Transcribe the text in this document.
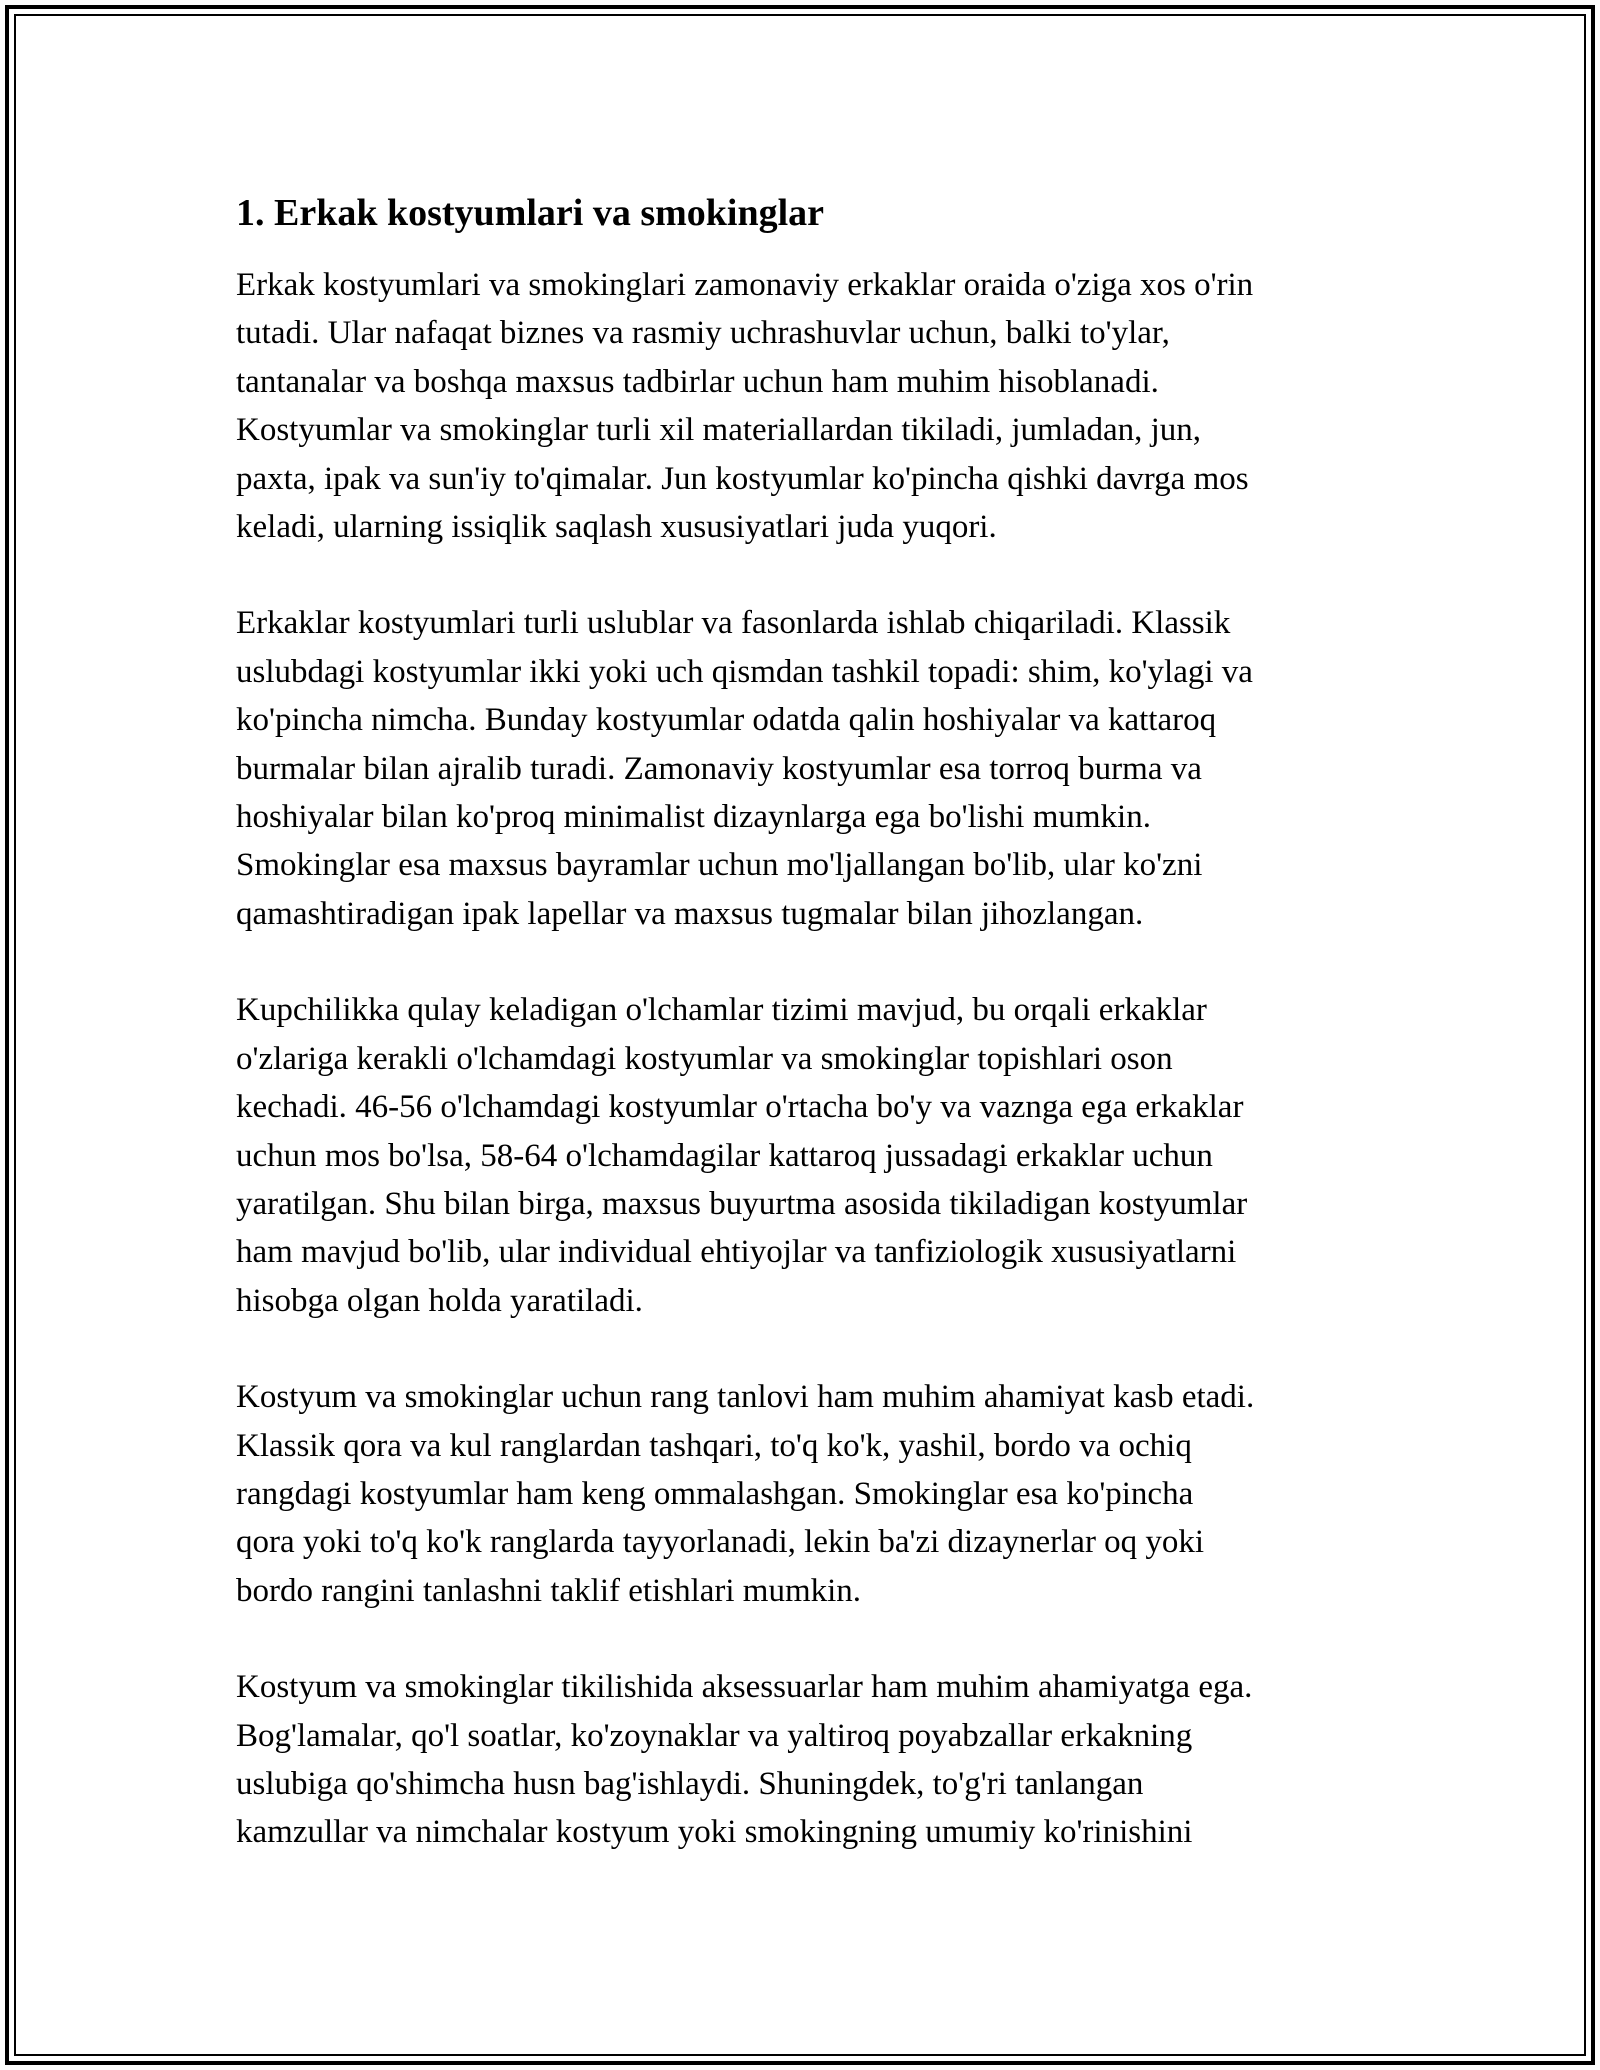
1. Erkak kostyumlari va smokinglar

Erkak kostyumlari va smokinglari zamonaviy erkaklar oraida o'ziga xos o'rin
tutadi. Ular nafaqat biznes va rasmiy uchrashuvlar uchun, balki to'ylar,
tantanalar va boshqa maxsus tadbirlar uchun ham muhim hisoblanadi.
Kostyumlar va smokinglar turli xil materiallardan tikiladi, jumladan, jun,
paxta, ipak va sun'iy to'qimalar. Jun kostyumlar ko'pincha qishki davrga mos
keladi, ularning issiqlik saqlash xususiyatlari juda yuqori.

Erkaklar kostyumlari turli uslublar va fasonlarda ishlab chiqariladi. Klassik
uslubdagi kostyumlar ikki yoki uch qismdan tashkil topadi: shim, ko'ylagi va
ko'pincha nimcha. Bunday kostyumlar odatda qalin hoshiyalar va kattaroq
burmalar bilan ajralib turadi. Zamonaviy kostyumlar esa torroq burma va
hoshiyalar bilan ko'proq minimalist dizaynlarga ega bo'lishi mumkin.
Smokinglar esa maxsus bayramlar uchun mo'ljallangan bo'lib, ular ko'zni
qamashtiradigan ipak lapellar va maxsus tugmalar bilan jihozlangan.

Kupchilikka qulay keladigan o'lchamlar tizimi mavjud, bu orqali erkaklar
o'zlariga kerakli o'lchamdagi kostyumlar va smokinglar topishlari oson
kechadi. 46-56 o'lchamdagi kostyumlar o'rtacha bo'y va vaznga ega erkaklar
uchun mos bo'lsa, 58-64 o'lchamdagilar kattaroq jussadagi erkaklar uchun
yaratilgan. Shu bilan birga, maxsus buyurtma asosida tikiladigan kostyumlar
ham mavjud bo'lib, ular individual ehtiyojlar va tanfiziologik xususiyatlarni
hisobga olgan holda yaratiladi.

Kostyum va smokinglar uchun rang tanlovi ham muhim ahamiyat kasb etadi.
Klassik qora va kul ranglardan tashqari, to'q ko'k, yashil, bordo va ochiq
rangdagi kostyumlar ham keng ommalashgan. Smokinglar esa ko'pincha
qora yoki to'q ko'k ranglarda tayyorlanadi, lekin ba'zi dizaynerlar oq yoki
bordo rangini tanlashni taklif etishlari mumkin.

Kostyum va smokinglar tikilishida aksessuarlar ham muhim ahamiyatga ega.
Bog'lamalar, qo'l soatlar, ko'zoynaklar va yaltiroq poyabzallar erkakning
uslubiga qo'shimcha husn bag'ishlaydi. Shuningdek, to'g'ri tanlangan
kamzullar va nimchalar kostyum yoki smokingning umumiy ko'rinishini
